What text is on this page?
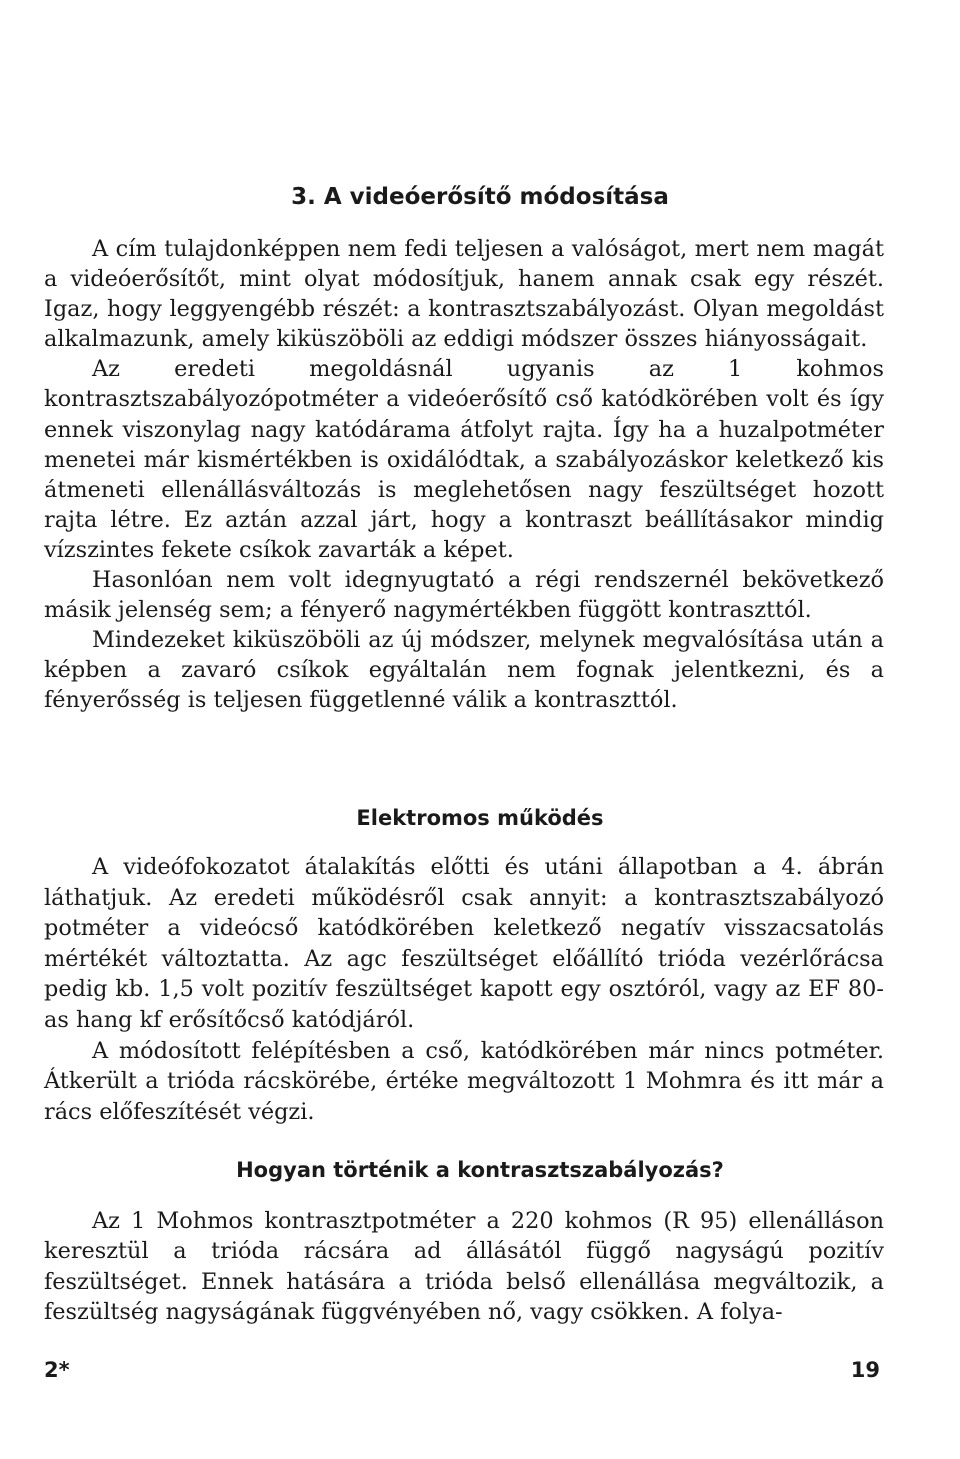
3. A videóerősítő módosítása

A cím tulajdonképpen nem fedi teljesen a valóságot, mert nem magát a videóerősítőt, mint olyat módosítjuk, hanem annak csak egy részét. Igaz, hogy leggyengébb részét: a kontrasztszabályozást. Olyan megoldást alkalmazunk, amely kiküszöböli az eddigi módszer összes hiányosságait.

Az eredeti megoldásnál ugyanis az 1 kohmos kontrasztszabályozópotméter a videóerősítő cső katódkörében volt és így ennek viszonylag nagy katódárama átfolyt rajta. Így ha a huzalpotméter menetei már kismértékben is oxidálódtak, a szabályozáskor keletkező kis átmeneti ellenállásváltozás is meglehetősen nagy feszültséget hozott rajta létre. Ez aztán azzal járt, hogy a kontraszt beállításakor mindig vízszintes fekete csíkok zavarták a képet.

Hasonlóan nem volt idegnyugtató a régi rendszernél bekövetkező másik jelenség sem; a fényerő nagymértékben függött kontraszttól.

Mindezeket kiküszöböli az új módszer, melynek megvalósítása után a képben a zavaró csíkok egyáltalán nem fognak jelentkezni, és a fényerősség is teljesen függetlenné válik a kontraszttól.

Elektromos működés

A videófokozatot átalakítás előtti és utáni állapotban a 4. ábrán láthatjuk. Az eredeti működésről csak annyit: a kontrasztszabályozó potméter a videócső katódkörében keletkező negatív visszacsatolás mértékét változtatta. Az agc feszültséget előállító trióda vezérlőrácsa pedig kb. 1,5 volt pozitív feszültséget kapott egy osztóról, vagy az EF 80-as hang kf erősítőcső katódjáról.

A módosított felépítésben a cső, katódkörében már nincs potméter. Átkerült a trióda rácskörébe, értéke megváltozott 1 Mohmra és itt már a rács előfeszítését végzi.

Hogyan történik a kontrasztszabályozás?

Az 1 Mohmos kontrasztpotméter a 220 kohmos (R 95) ellenálláson keresztül a trióda rácsára ad állásától függő nagyságú pozitív feszültséget. Ennek hatására a trióda belső ellenállása megváltozik, a feszültség nagyságának függvényében nő, vagy csökken. A folya-

2*	19
